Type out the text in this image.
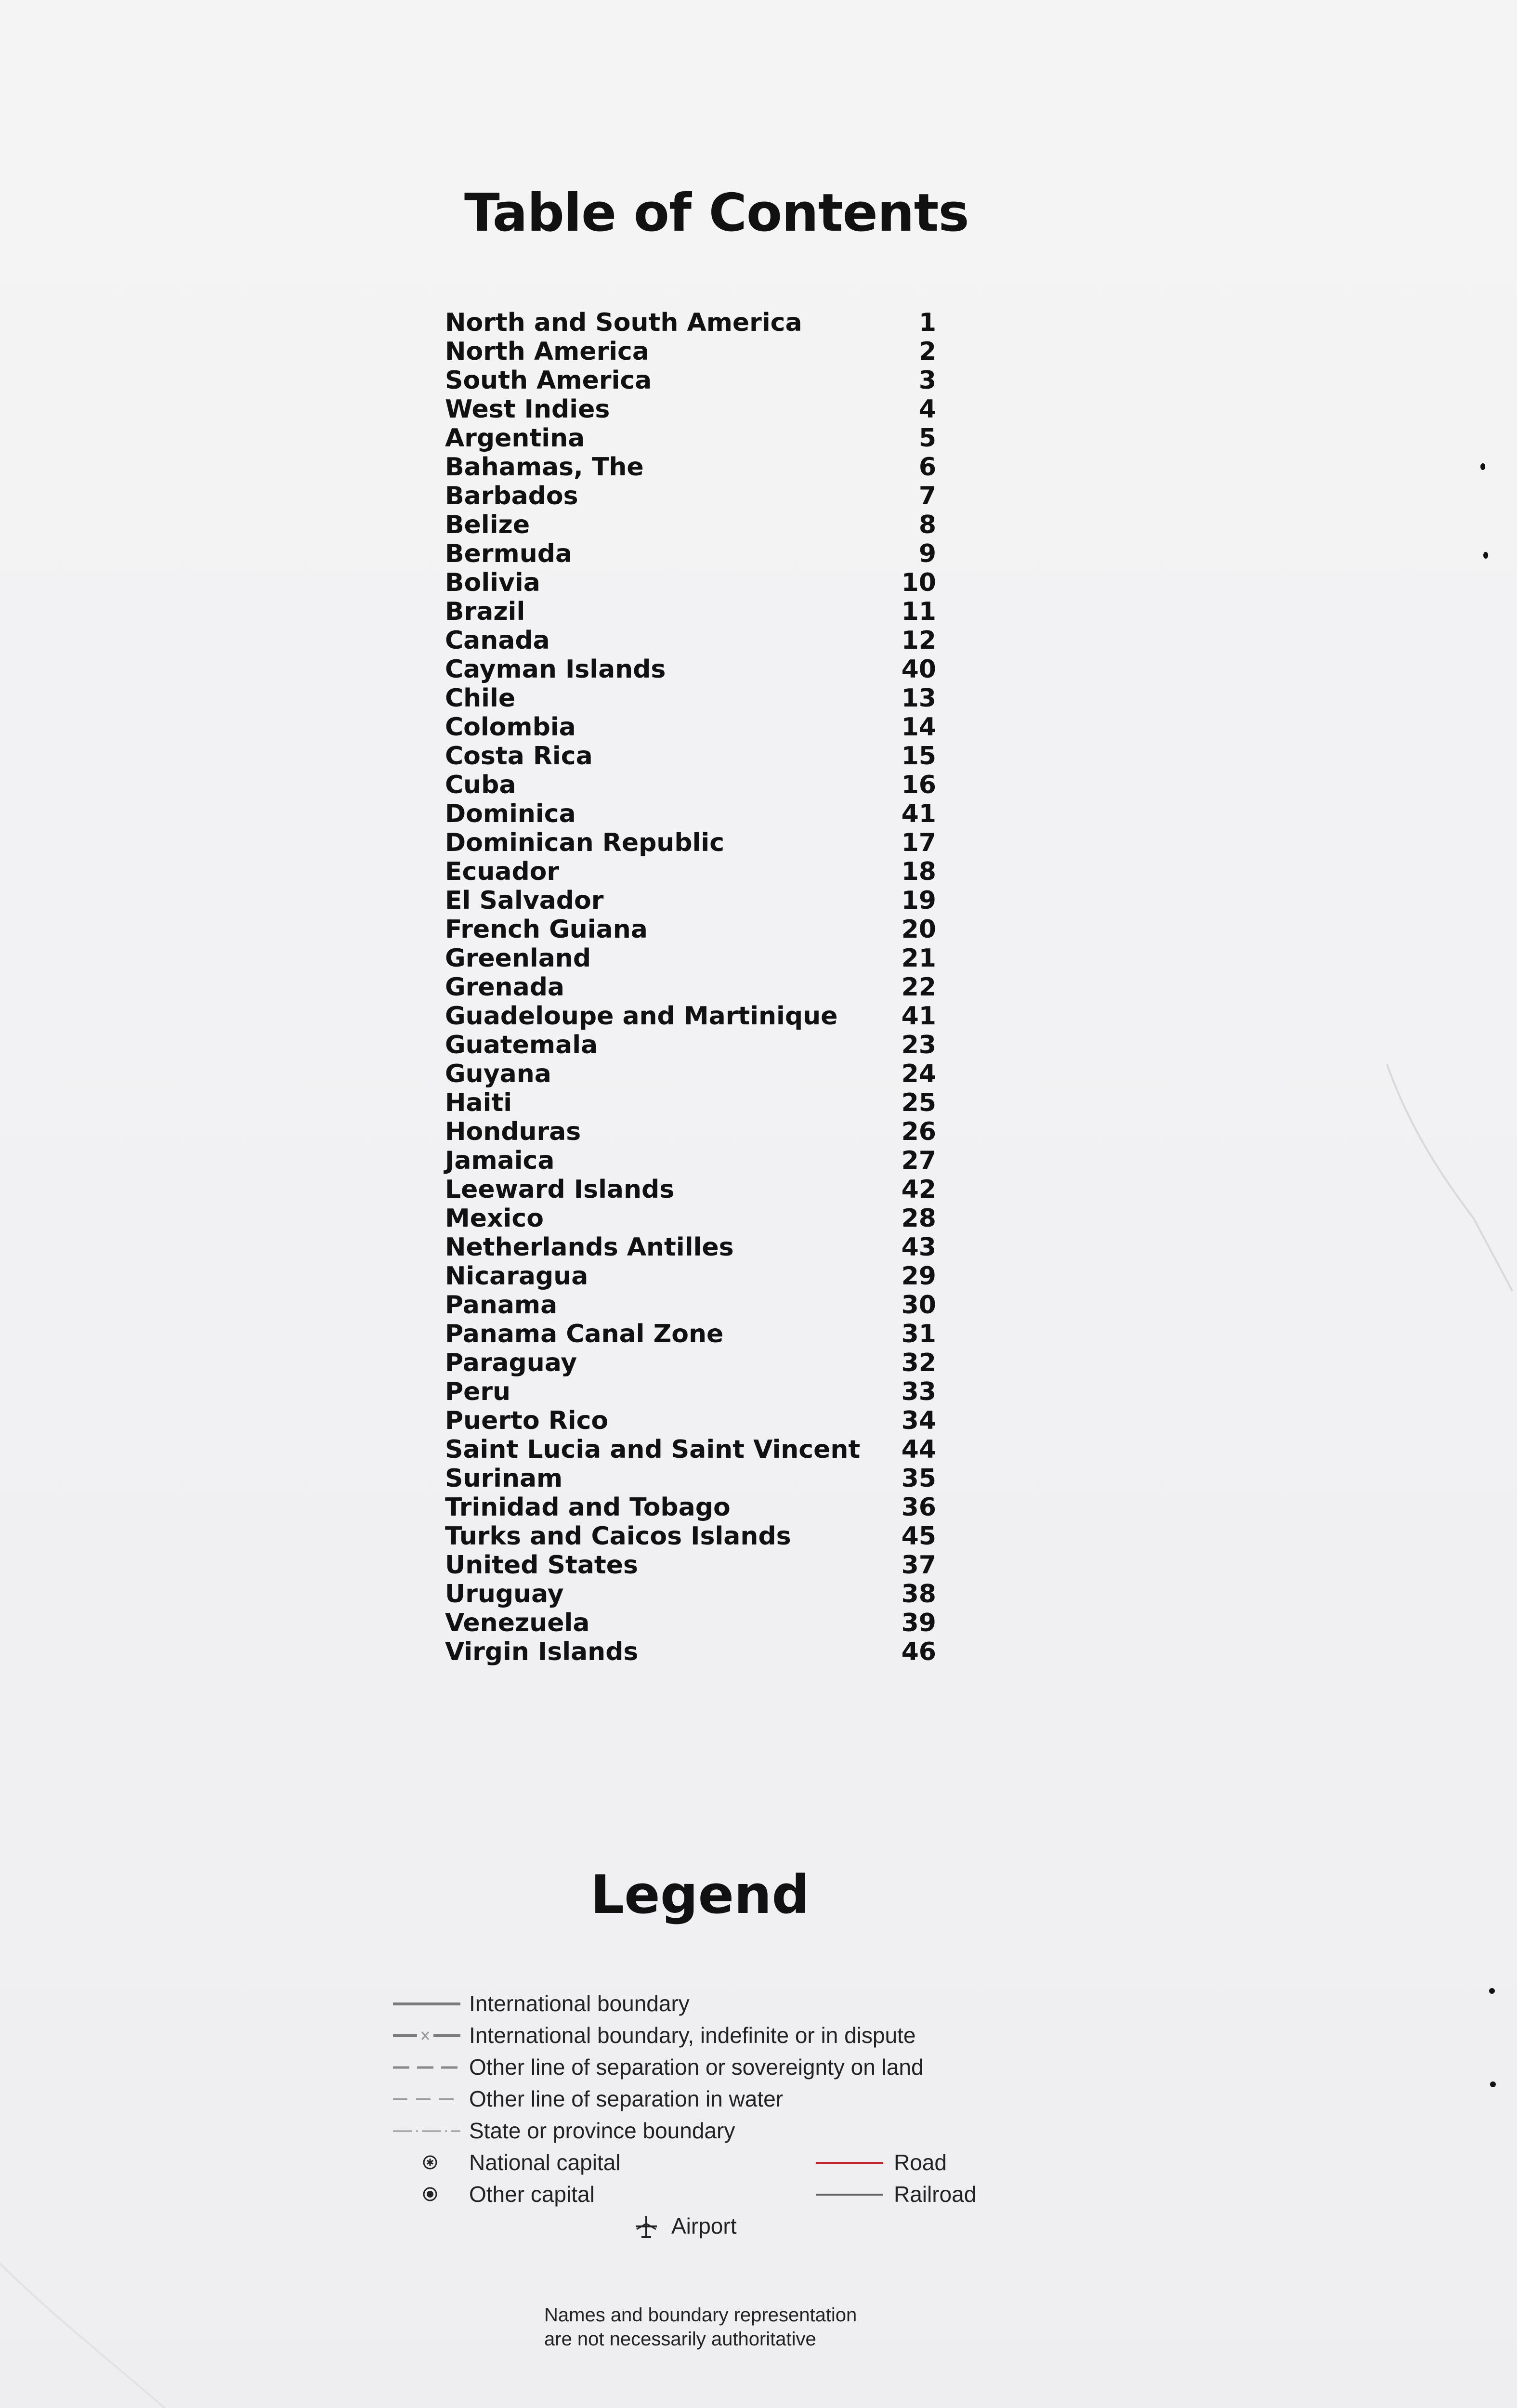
Table of Contents
North and South America	1
North America	2
South America	3
West Indies	4
Argentina	5
Bahamas, The	6
Barbados	7
Belize	8
Bermuda	9
Bolivia	10
Brazil	11
Canada	12
Cayman Islands	40
Chile	13
Colombia	14
Costa Rica	15
Cuba	16
Dominica	41
Dominican Republic	17
Ecuador	18
El Salvador	19
French Guiana	20
Greenland	21
Grenada	22
Guadeloupe and Martinique	41
Guatemala	23
Guyana	24
Haiti	25
Honduras	26
Jamaica	27
Leeward Islands	42
Mexico	28
Netherlands Antilles	43
Nicaragua	29
Panama	30
Panama Canal Zone	31
Paraguay	32
Peru	33
Puerto Rico	34
Saint Lucia and Saint Vincent	44
Surinam	35
Trinidad and Tobago	36
Turks and Caicos Islands	45
United States	37
Uruguay	38
Venezuela	39
Virgin Islands	46
Legend
International boundary
International boundary, indefinite or in dispute
Other line of separation or sovereignty on land
Other line of separation in water
State or province boundary
✱ National capital
Other capital
Road
Railroad
Airport
Names and boundary representation
are not necessarily authoritative
